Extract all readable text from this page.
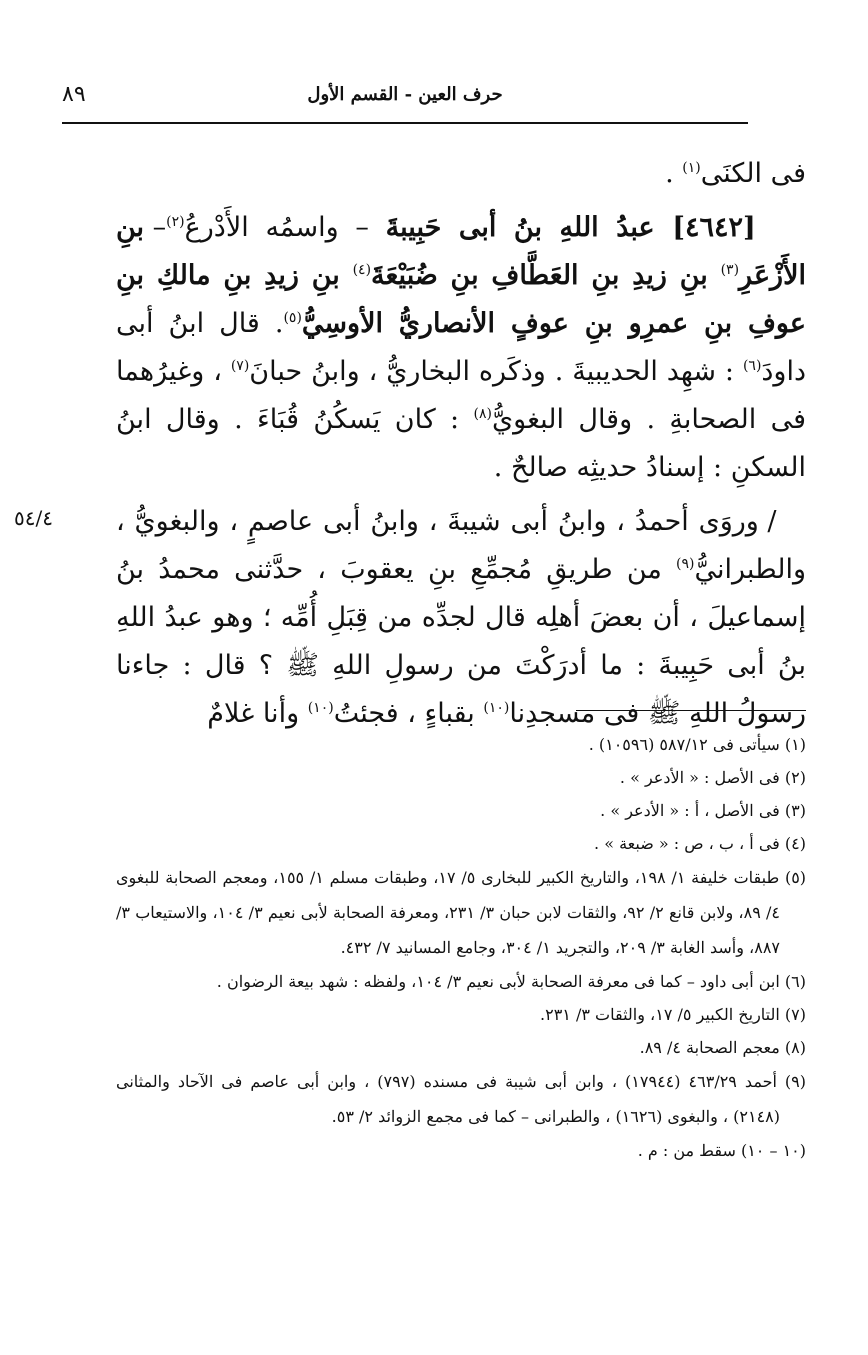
٨٩	حرف العين - القسم الأول
٥٤/٤

فى الكنَى$^{(١)}$ .

[٤٦٤٢] عبدُ اللهِ بنُ أبى حَبِيبةَ – واسمُه الأَدْرعُ$^{(٢)}$– بنِ الأَزْعَرِ$^{(٣)}$ بنِ زيدِ بنِ العَطَّافِ بنِ ضُبَيْعَةَ$^{(٤)}$ بنِ زيدِ بنِ مالكِ بنِ عوفِ بنِ عمرِو بنِ عوفٍ الأنصاريُّ الأوسِيُّ$^{(٥)}$. قال ابنُ أبى داودَ$^{(٦)}$ : شهِد الحديبيةَ . وذكَره البخاريُّ ، وابنُ حبانَ$^{(٧)}$ ، وغيرُهما فى الصحابةِ . وقال البغويُّ$^{(٨)}$ : كان يَسكُنُ قُبَاءَ . وقال ابنُ السكنِ : إسنادُ حديثِه صالحٌ .

/ وروَى أحمدُ ، وابنُ أبى شيبةَ ، وابنُ أبى عاصمٍ ، والبغويُّ ، والطبرانيُّ$^{(٩)}$ من طريقِ مُجمِّعِ بنِ يعقوبَ ، حدَّثنى محمدُ بنُ إسماعيلَ ، أن بعضَ أهلِه قال لجدِّه من قِبَلِ أُمِّه ؛ وهو عبدُ اللهِ بنُ أبى حَبِيبةَ : ما أدرَكْتَ من رسولِ اللهِ ﷺ ؟ قال : جاءنا رسولُ اللهِ ﷺ فى مسجدِنا$^{(١٠)}$ بقباءٍ ، فجئتُ$^{(١٠)}$ وأنا غلامٌ

(١) سيأتى فى ٥٨٧/١٢ (١٠٥٩٦) .

(٢) فى الأصل : « الأدعر » .

(٣) فى الأصل ، أ : « الأدعر » .

(٤) فى أ ، ب ، ص : « ضبعة » .

(٥) طبقات خليفة ١/ ١٩٨، والتاريخ الكبير للبخارى ٥/ ١٧، وطبقات مسلم ١/ ١٥٥، ومعجم الصحابة للبغوى ٤/ ٨٩، ولابن قانع ٢/ ٩٢، والثقات لابن حبان ٣/ ٢٣١، ومعرفة الصحابة لأبى نعيم ٣/ ١٠٤، والاستيعاب ٣/ ٨٨٧، وأسد الغابة ٣/ ٢٠٩، والتجريد ١/ ٣٠٤، وجامع المسانيد ٧/ ٤٣٢.

(٦) ابن أبى داود – كما فى معرفة الصحابة لأبى نعيم ٣/ ١٠٤، ولفظه : شهد بيعة الرضوان .

(٧) التاريخ الكبير ٥/ ١٧، والثقات ٣/ ٢٣١.

(٨) معجم الصحابة ٤/ ٨٩.

(٩) أحمد ٤٦٣/٢٩ (١٧٩٤٤) ، وابن أبى شيبة فى مسنده (٧٩٧) ، وابن أبى عاصم فى الآحاد والمثانى (٢١٤٨) ، والبغوى (١٦٢٦) ، والطبرانى – كما فى مجمع الزوائد ٢/ ٥٣.

(١٠ – ١٠) سقط من : م .
